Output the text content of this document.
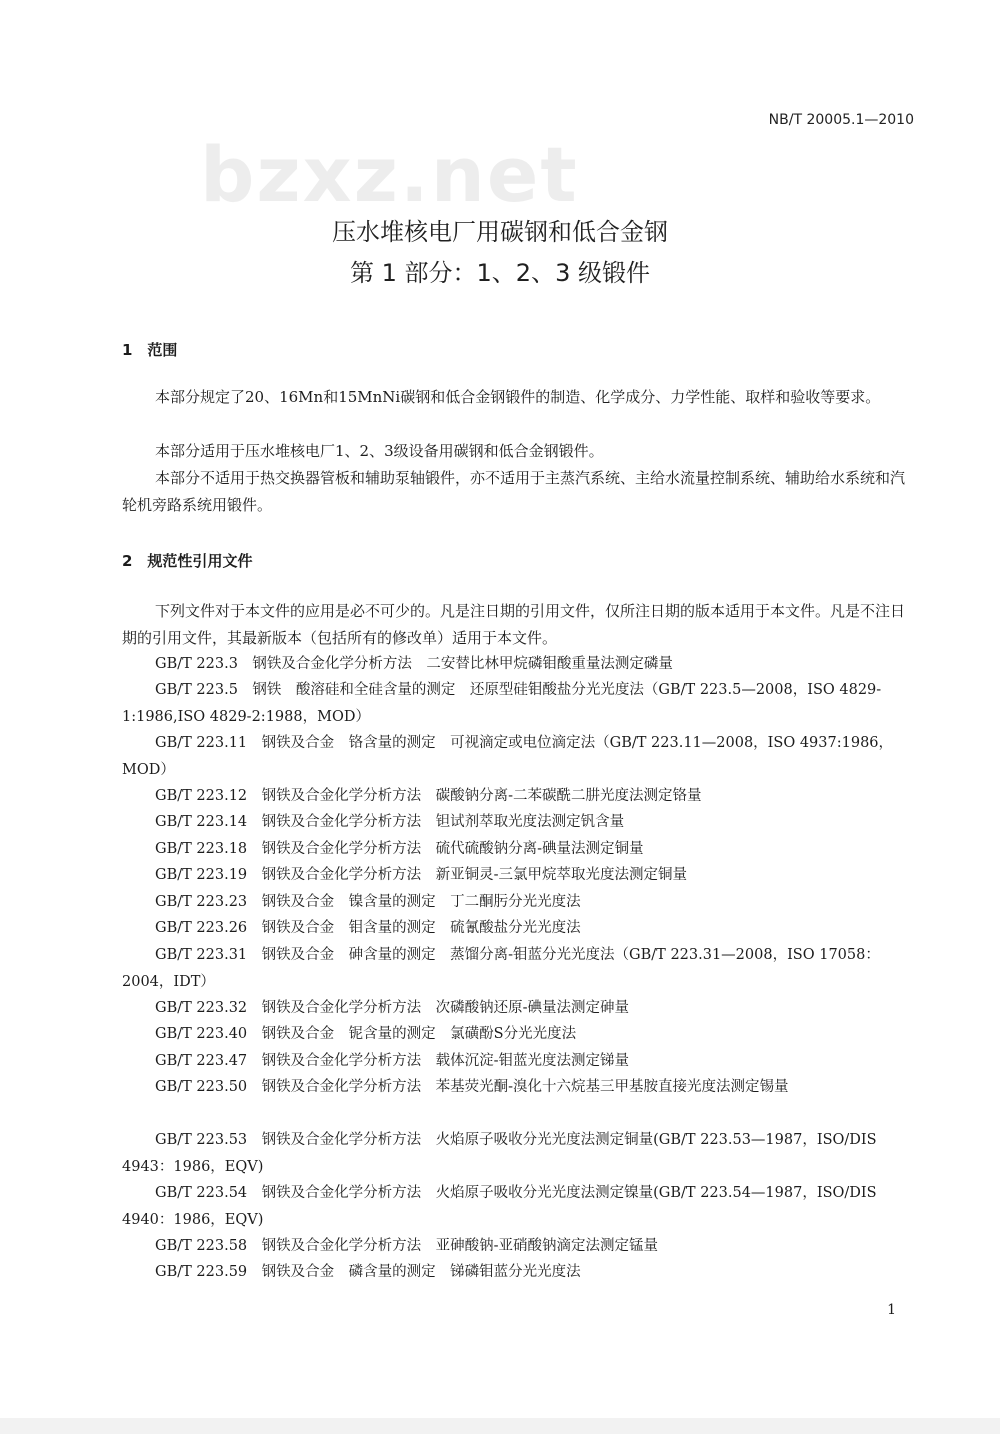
NB/T 20005.1—2010
bzxz.net
压水堆核电厂用碳钢和低合金钢
第 1 部分：1、2、3 级锻件
1　范围
本部分规定了20、16Mn和15MnNi碳钢和低合金钢锻件的制造、化学成分、力学性能、取样和验收等要求。
本部分适用于压水堆核电厂1、2、3级设备用碳钢和低合金钢锻件。
本部分不适用于热交换器管板和辅助泵轴锻件，亦不适用于主蒸汽系统、主给水流量控制系统、辅助给水系统和汽轮机旁路系统用锻件。
2　规范性引用文件
下列文件对于本文件的应用是必不可少的。凡是注日期的引用文件，仅所注日期的版本适用于本文件。凡是不注日期的引用文件，其最新版本（包括所有的修改单）适用于本文件。
GB/T 223.3　钢铁及合金化学分析方法　二安替比林甲烷磷钼酸重量法测定磷量
GB/T 223.5　钢铁　酸溶硅和全硅含量的测定　还原型硅钼酸盐分光光度法（GB/T 223.5—2008，ISO 4829-1:1986,ISO 4829-2:1988，MOD）
GB/T 223.11　钢铁及合金　铬含量的测定　可视滴定或电位滴定法（GB/T 223.11—2008，ISO 4937:1986，MOD）
GB/T 223.12　钢铁及合金化学分析方法　碳酸钠分离-二苯碳酰二肼光度法测定铬量
GB/T 223.14　钢铁及合金化学分析方法　钽试剂萃取光度法测定钒含量
GB/T 223.18　钢铁及合金化学分析方法　硫代硫酸钠分离-碘量法测定铜量
GB/T 223.19　钢铁及合金化学分析方法　新亚铜灵-三氯甲烷萃取光度法测定铜量
GB/T 223.23　钢铁及合金　镍含量的测定　丁二酮肟分光光度法
GB/T 223.26　钢铁及合金　钼含量的测定　硫氰酸盐分光光度法
GB/T 223.31　钢铁及合金　砷含量的测定　蒸馏分离-钼蓝分光光度法（GB/T 223.31—2008，ISO 17058：2004，IDT）
GB/T 223.32　钢铁及合金化学分析方法　次磷酸钠还原-碘量法测定砷量
GB/T 223.40　钢铁及合金　铌含量的测定　氯磺酚S分光光度法
GB/T 223.47　钢铁及合金化学分析方法　载体沉淀-钼蓝光度法测定锑量
GB/T 223.50　钢铁及合金化学分析方法　苯基荧光酮-溴化十六烷基三甲基胺直接光度法测定锡量
GB/T 223.53　钢铁及合金化学分析方法　火焰原子吸收分光光度法测定铜量(GB/T 223.53—1987，ISO/DIS 4943：1986，EQV)
GB/T 223.54　钢铁及合金化学分析方法　火焰原子吸收分光光度法测定镍量(GB/T 223.54—1987，ISO/DIS 4940：1986，EQV)
GB/T 223.58　钢铁及合金化学分析方法　亚砷酸钠-亚硝酸钠滴定法测定锰量
GB/T 223.59　钢铁及合金　磷含量的测定　锑磷钼蓝分光光度法
1
